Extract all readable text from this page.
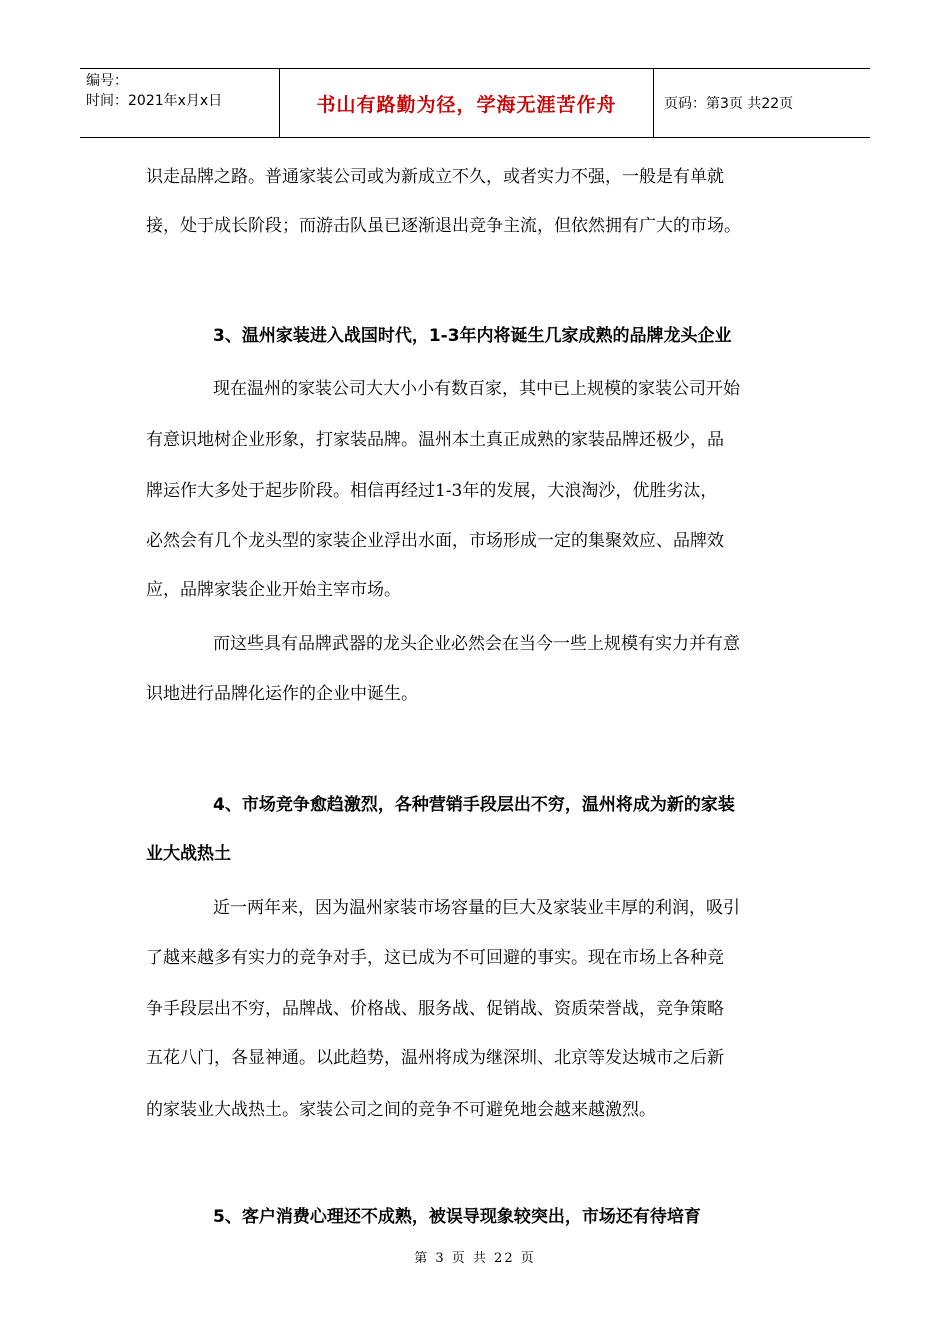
编号：
时间：2021年x月x日	书山有路勤为径，学海无涯苦作舟	页码：第3页 共22页
识走品牌之路。普通家装公司或为新成立不久，或者实力不强，一般是有单就
接，处于成长阶段；而游击队虽已逐渐退出竞争主流，但依然拥有广大的市场。
3、温州家装进入战国时代，1-3年内将诞生几家成熟的品牌龙头企业
现在温州的家装公司大大小小有数百家，其中已上规模的家装公司开始
有意识地树企业形象，打家装品牌。温州本土真正成熟的家装品牌还极少，品
牌运作大多处于起步阶段。相信再经过1-3年的发展，大浪淘沙，优胜劣汰，
必然会有几个龙头型的家装企业浮出水面，市场形成一定的集聚效应、品牌效
应，品牌家装企业开始主宰市场。
而这些具有品牌武器的龙头企业必然会在当今一些上规模有实力并有意
识地进行品牌化运作的企业中诞生。
4、市场竞争愈趋激烈，各种营销手段层出不穷，温州将成为新的家装
业大战热土
近一两年来，因为温州家装市场容量的巨大及家装业丰厚的利润，吸引
了越来越多有实力的竞争对手，这已成为不可回避的事实。现在市场上各种竞
争手段层出不穷，品牌战、价格战、服务战、促销战、资质荣誉战，竞争策略
五花八门，各显神通。以此趋势，温州将成为继深圳、北京等发达城市之后新
的家装业大战热土。家装公司之间的竞争不可避免地会越来越激烈。
5、客户消费心理还不成熟，被误导现象较突出，市场还有待培育
第 3 页 共 22 页
